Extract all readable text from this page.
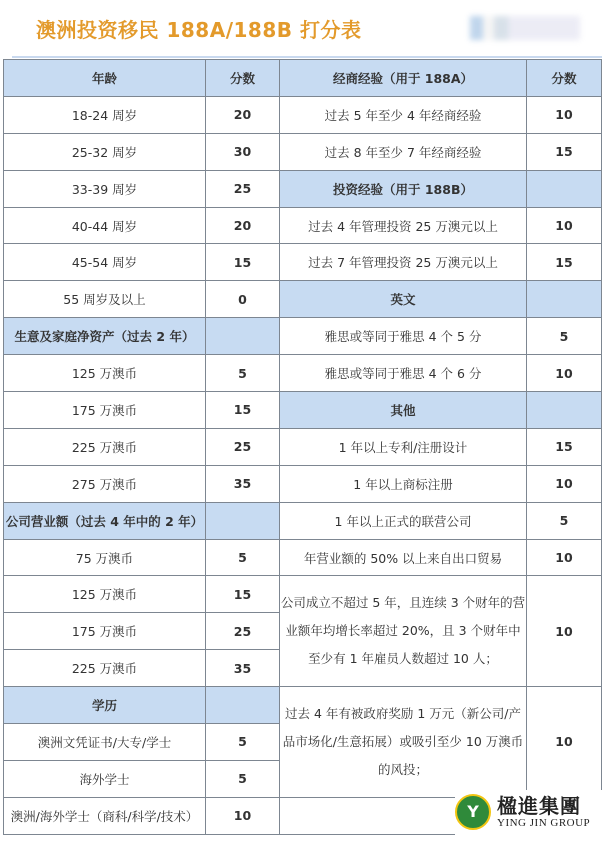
澳洲投资移民 188A/188B 打分表
年龄	分数	经商经验（用于 188A）	分数
18-24 周岁	20	过去 5 年至少 4 年经商经验	10
25-32 周岁	30	过去 8 年至少 7 年经商经验	15
33-39 周岁	25	投资经验（用于 188B）	
40-44 周岁	20	过去 4 年管理投资 25 万澳元以上	10
45-54 周岁	15	过去 7 年管理投资 25 万澳元以上	15
55 周岁及以上	0	英文	
生意及家庭净资产（过去 2 年）		雅思或等同于雅思 4 个 5 分	5
125 万澳币	5	雅思或等同于雅思 4 个 6 分	10
175 万澳币	15	其他	
225 万澳币	25	1 年以上专利/注册设计	15
275 万澳币	35	1 年以上商标注册	10
公司营业额（过去 4 年中的 2 年）		1 年以上正式的联营公司	5
75 万澳币	5	年营业额的 50% 以上来自出口贸易	10
125 万澳币	15	公司成立不超过 5 年，且连续 3 个财年的营业额年均增长率超过 20%，且 3 个财年中至少有 1 年雇员人数超过 10 人；	10
175 万澳币	25		
225 万澳币	35		
学历		过去 4 年有被政府奖励 1 万元（新公司/产品市场化/生意拓展）或吸引至少 10 万澳币的风投；	10
澳洲文凭证书/大专/学士	5		
海外学士	5		
澳洲/海外学士（商科/科学/技术）	10			Y 楹進集團
YING JIN GROUP
